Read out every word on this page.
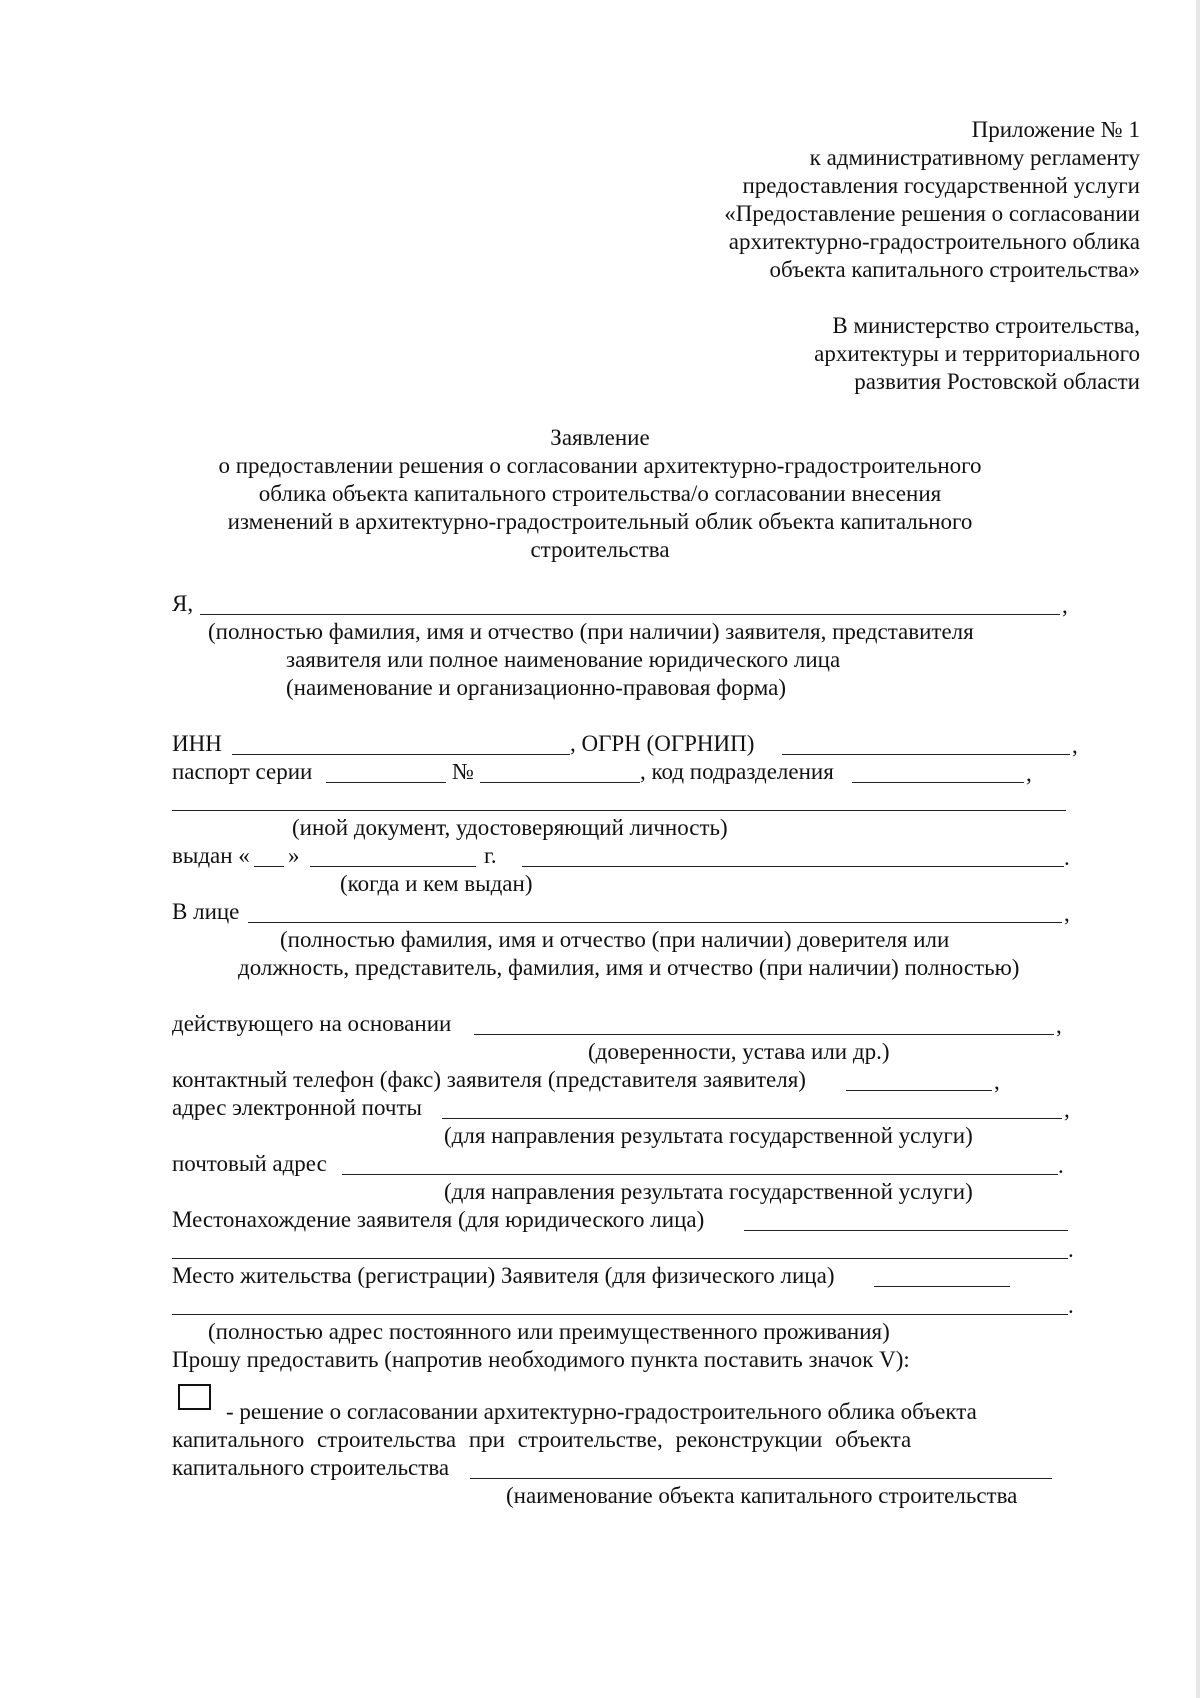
Приложение № 1
к административному регламенту
предоставления государственной услуги
«Предоставление решения о согласовании
архитектурно-градостроительного облика
объекта капитального строительства»
В министерство строительства,
архитектуры и территориального
развития Ростовской области
Заявление
о предоставлении решения о согласовании архитектурно-градостроительного
облика объекта капитального строительства/о согласовании внесения
изменений в архитектурно-градостроительный облик объекта капитального
строительства
Я,	,
(полностью фамилия, имя и отчество (при наличии) заявителя, представителя
заявителя или полное наименование юридического лица
(наименование и организационно-правовая форма)
ИНН	, ОГРН (ОГРНИП)	,
паспорт серии	№	, код подразделения	,
(иной документ, удостоверяющий личность)
выдан « »	г.	.
(когда и кем выдан)
В лице	,
(полностью фамилия, имя и отчество (при наличии) доверителя или
должность, представитель, фамилия, имя и отчество (при наличии) полностью)
действующего на основании	,
(доверенности, устава или др.)
контактный телефон (факс) заявителя (представителя заявителя)	,
адрес электронной почты	,
(для направления результата государственной услуги)
почтовый адрес	.
(для направления результата государственной услуги)
Местонахождение заявителя (для юридического лица)
.
Место жительства (регистрации) Заявителя (для физического лица)
.
(полностью адрес постоянного или преимущественного проживания)
Прошу предоставить (напротив необходимого пункта поставить значок V):
- решение о согласовании архитектурно-градостроительного облика объекта
капитального строительства при строительстве, реконструкции объекта
капитального строительства
(наименование объекта капитального строительства
